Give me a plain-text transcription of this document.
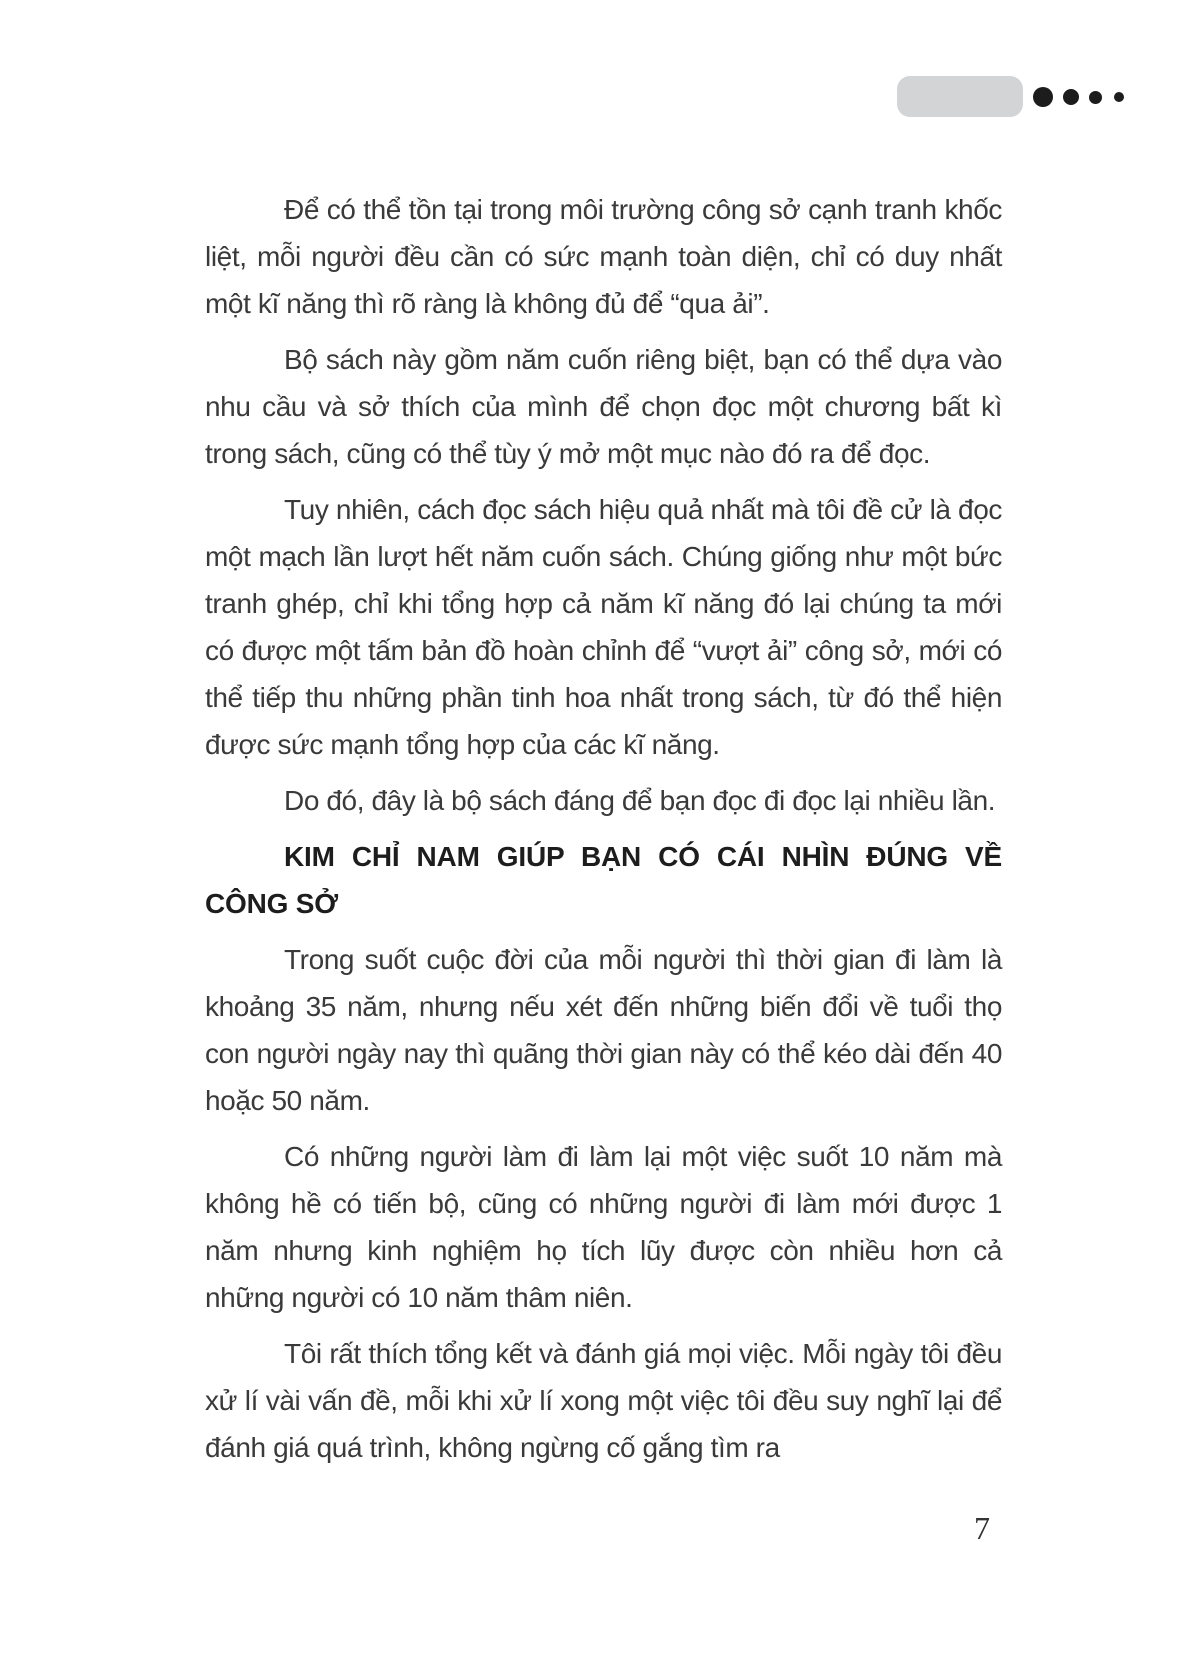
Để có thể tồn tại trong môi trường công sở cạnh tranh khốc liệt, mỗi người đều cần có sức mạnh toàn diện, chỉ có duy nhất một kĩ năng thì rõ ràng là không đủ để “qua ải”.

Bộ sách này gồm năm cuốn riêng biệt, bạn có thể dựa vào nhu cầu và sở thích của mình để chọn đọc một chương bất kì trong sách, cũng có thể tùy ý mở một mục nào đó ra để đọc.

Tuy nhiên, cách đọc sách hiệu quả nhất mà tôi đề cử là đọc một mạch lần lượt hết năm cuốn sách. Chúng giống như một bức tranh ghép, chỉ khi tổng hợp cả năm kĩ năng đó lại chúng ta mới có được một tấm bản đồ hoàn chỉnh để “vượt ải” công sở, mới có thể tiếp thu những phần tinh hoa nhất trong sách, từ đó thể hiện được sức mạnh tổng hợp của các kĩ năng.

Do đó, đây là bộ sách đáng để bạn đọc đi đọc lại nhiều lần.

KIM CHỈ NAM GIÚP BẠN CÓ CÁI NHÌN ĐÚNG VỀ CÔNG SỞ

Trong suốt cuộc đời của mỗi người thì thời gian đi làm là khoảng 35 năm, nhưng nếu xét đến những biến đổi về tuổi thọ con người ngày nay thì quãng thời gian này có thể kéo dài đến 40 hoặc 50 năm.

Có những người làm đi làm lại một việc suốt 10 năm mà không hề có tiến bộ, cũng có những người đi làm mới được 1 năm nhưng kinh nghiệm họ tích lũy được còn nhiều hơn cả những người có 10 năm thâm niên.

Tôi rất thích tổng kết và đánh giá mọi việc. Mỗi ngày tôi đều xử lí vài vấn đề, mỗi khi xử lí xong một việc tôi đều suy nghĩ lại để đánh giá quá trình, không ngừng cố gắng tìm ra

7
